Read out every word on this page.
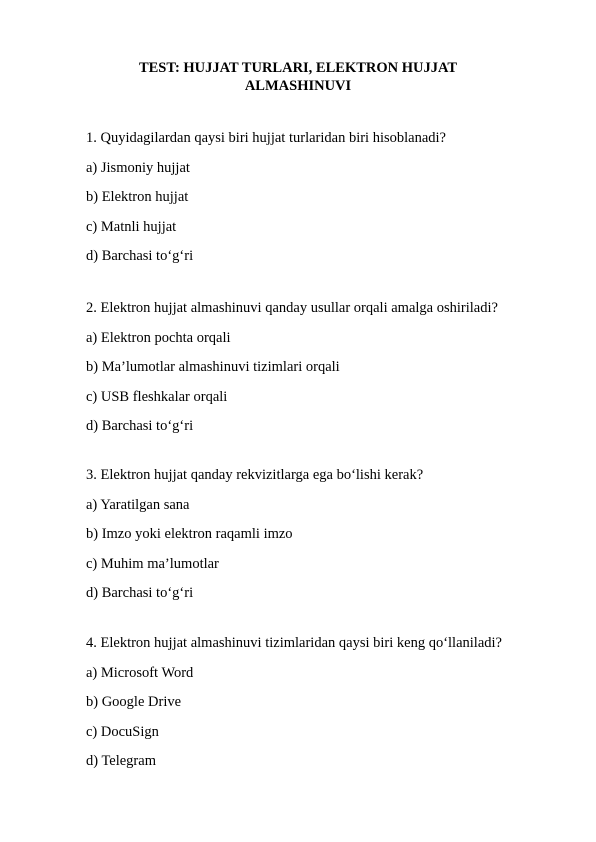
TEST: HUJJAT TURLARI, ELEKTRON HUJJAT
ALMASHINUVI
1. Quyidagilardan qaysi biri hujjat turlaridan biri hisoblanadi?
a) Jismoniy hujjat
b) Elektron hujjat
c) Matnli hujjat
d) Barchasi to‘g‘ri
2. Elektron hujjat almashinuvi qanday usullar orqali amalga oshiriladi?
a) Elektron pochta orqali
b) Ma’lumotlar almashinuvi tizimlari orqali
c) USB fleshkalar orqali
d) Barchasi to‘g‘ri
3. Elektron hujjat qanday rekvizitlarga ega bo‘lishi kerak?
a) Yaratilgan sana
b) Imzo yoki elektron raqamli imzo
c) Muhim ma’lumotlar
d) Barchasi to‘g‘ri
4. Elektron hujjat almashinuvi tizimlaridan qaysi biri keng qo‘llaniladi?
a) Microsoft Word
b) Google Drive
c) DocuSign
d) Telegram
